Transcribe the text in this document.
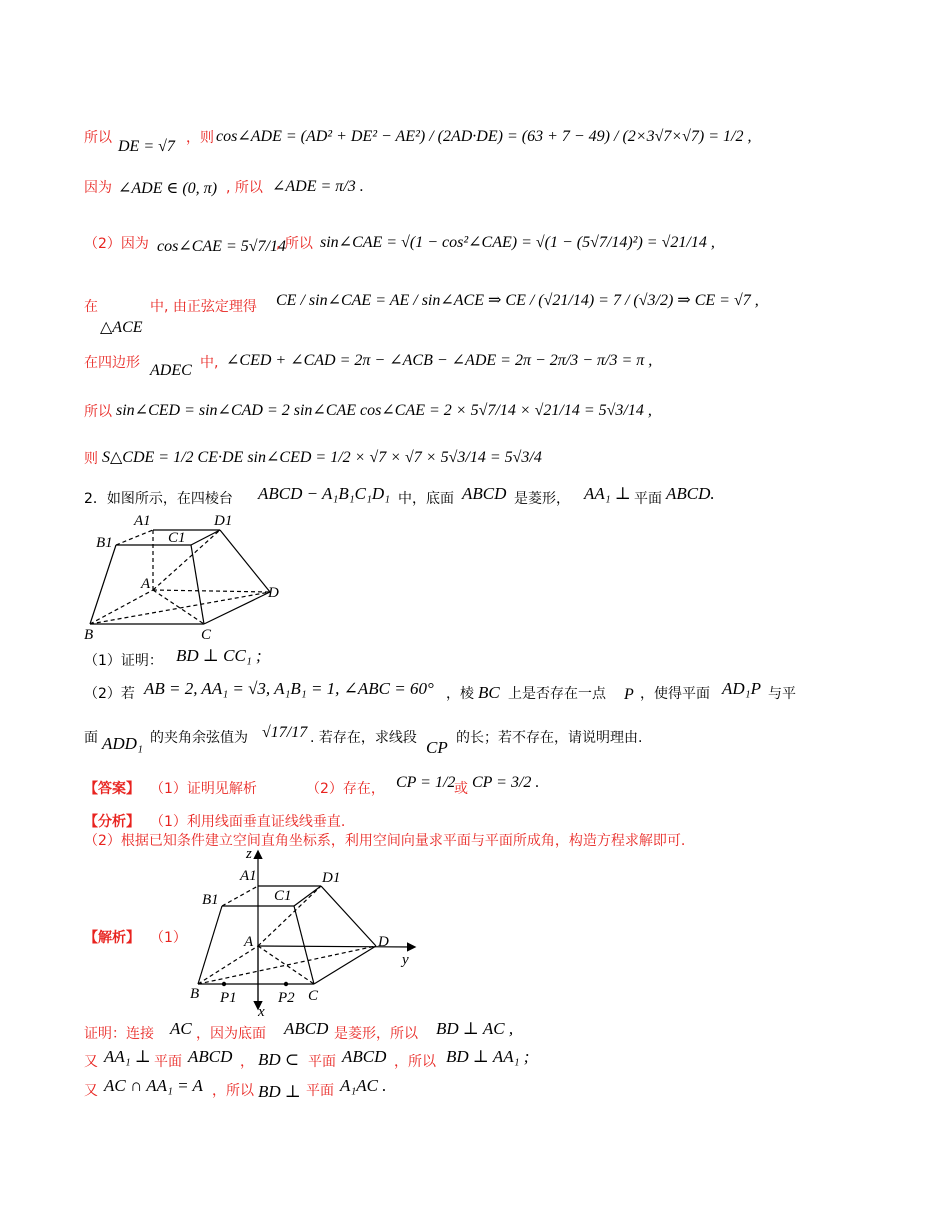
所以 DE = √7 ，则 cos∠ADE = (AD² + DE² − AE²) / (2AD·DE) = (63 + 7 − 49) / (2×3√7×√7) = 1/2 ,
因为 ∠ADE ∈ (0, π) , 所以 ∠ADE = π/3 .
（2）因为 cos∠CAE = 5√7/14
, 所以 sin∠CAE = √(1 − cos²∠CAE) = √(1 − (5√7/14)²) = √21/14 ,
在
△ACE
中, 由正弦定理得 CE / sin∠CAE = AE / sin∠ACE ⇒ CE / (√21/14) = 7 / (√3/2) ⇒ CE = √7 ,
在四边形 ADEC 中, ∠CED + ∠CAD = 2π − ∠ACB − ∠ADE = 2π − 2π/3 − π/3 = π ,
所以 sin∠CED = sin∠CAD = 2 sin∠CAE cos∠CAE = 2 × 5√7/14 × √21/14 = 5√3/14 ,
则 S△CDE = 1/2 CE·DE sin∠CED = 1/2 × √7 × √7 × 5√3/14 = 5√3/4
2．如图所示，在四棱台 ABCD − A₁B₁C₁D₁ 中，底面 ABCD 是菱形， AA₁ ⊥ 平面 ABCD.
A1	D1
B1	C1
A
D
B	C
（1）证明： BD ⊥ CC₁ ;
（2）若 AB = 2, AA₁ = √3, A₁B₁ = 1, ∠ABC = 60° ，棱 BC 上是否存在一点 P ，使得平面 AD₁P 与平
面 ADD₁ 的夹角余弦值为 √17/17 . 若存在，求线段 CP 的长；若不存在，请说明理由.
【答案】 （1）证明见解析	（2）存在， CP = 1/2
或 CP = 3/2 .
【分析】 （1）利用线面垂直证线线垂直.
（2）根据已知条件建立空间直角坐标系，利用空间向量求平面与平面所成角，构造方程求解即可.
【解析】 （1）
z
A1	D1
B1	C1
A	D
y
B P1	P2 C
x
证明：连接 AC ，因为底面 ABCD 是菱形，所以 BD ⊥ AC ,
又 AA₁ ⊥ 平面 ABCD ， BD ⊂ 平面 ABCD ，所以 BD ⊥ AA₁ ;
又 AC ∩ AA₁ = A ，所以 BD ⊥ 平面 A₁AC .
